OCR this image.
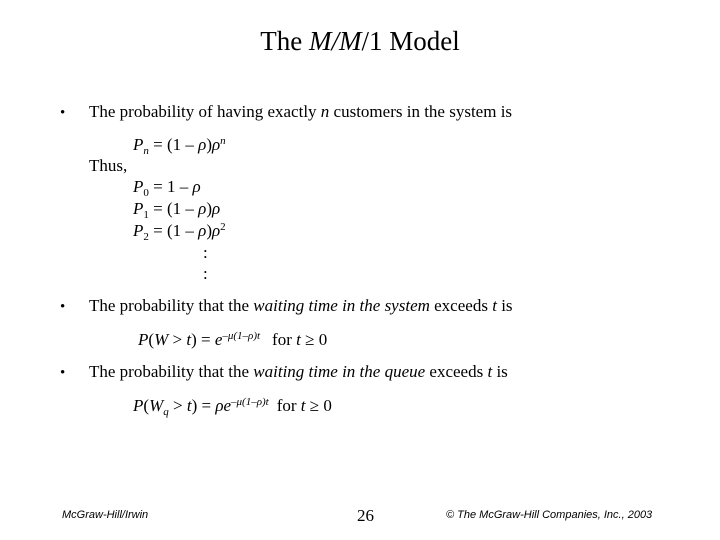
The M/M/1 Model
• The probability of having exactly n customers in the system is
$P_n = (1 - \rho)\rho^n$
Thus,
$P_0 = 1 - \rho$
$P_1 = (1 - \rho)\rho$
$P_2 = (1 - \rho)\rho^2$
:
:
• The probability that the waiting time in the system exceeds t is
$P(W > t) = e^{-\mu(1-\rho)t}$ for t ≥ 0
• The probability that the waiting time in the queue exceeds t is
$P(W_q > t) = \rho e^{-\mu(1-\rho)t}$ for t ≥ 0
McGraw-Hill/Irwin	26	© The McGraw-Hill Companies, Inc., 2003
